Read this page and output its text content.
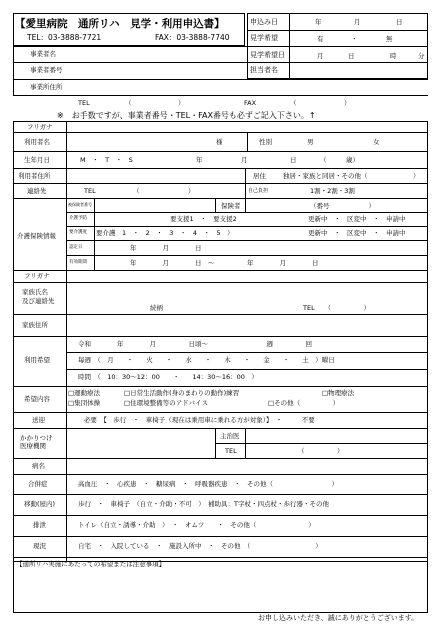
【愛里病院　通所リハ　見学・利用申込書】
TEL：03-3888-7721	FAX：03-3888-7740
申込み日	年	月	日
見学希望	有	・	無
見学希望日	月	日	時	分
担当者名
事業者名
事業者番号
事業所住所
TEL	（	）	FAX	（	）
※　お手数ですが、事業者番号・TEL・FAX番号も必ずご記入下さい。↑
フリガナ
利用者名	様	性別	男	女
生年月日	M　・　T　・　S	年	月	日	（　　　歳）
利用者住所	居住	独居・家族と同居・その他（　　　　　　　）
連絡先	TEL	（	）	自己負担	1割・2割・3割
介護保険情報
被保険者番号	保険者	（番号　　　　　　）
介護予防	要支援1　・　要支援2	更新中　・　区変中　・　申請中
要介護度 要介護　1　・　2　・　3　・　4　・　5　）	更新中　・　区変中　・　申請中
認定日	年　　　　月　　　　日
有効期間	年　　　　月　　　　日　〜　　　　　年　　　　月　　　　日
フリガナ
家族氏名
及び連絡先
続柄	TEL　　（　　　　　）
家族住所
利用希望
令和　　　　年　　　　月　　　　　日頃〜　　　　　　　　　週　　　　　回
毎週　（　月　　・　　火　　・　　水　　・　　木　　・　　金　　・　　土　）曜日
時間　（　10：30〜12：00　　・　　14：30〜16：00　）
希望内容
□運動療法	□日常生活動作(身のまわりの動作)練習	□物理療法
□集団体操	□住環境整備等のアドバイス	□その他（　　　　　）
送迎	必要　【　歩行　・　車椅子（現在は乗用車に乗れる方が対象）】　・　　　不要
かかりつけ
医療機関
主治医
TEL	（　　　　　）
病名
合併症	高血圧　・　心疾患　・　糖尿病　・　呼吸器疾患　・　その他（　　　　　　　　　）
移動(屋内)	歩行　・　車椅子　（自立・介助・不可　）　補助具：T字杖・四点杖・歩行器・その他
排泄	トイレ（自立・誘導・介助　）　・　オムツ　　・　その他（　　　　　　　　）
現況	自宅　・　入院している　・　施設入所中　・　その他　（　　　　　　　　　　）
【通所リハ実施にあたっての希望または注意事項】
お申し込みいただき、誠にありがとうございます。
